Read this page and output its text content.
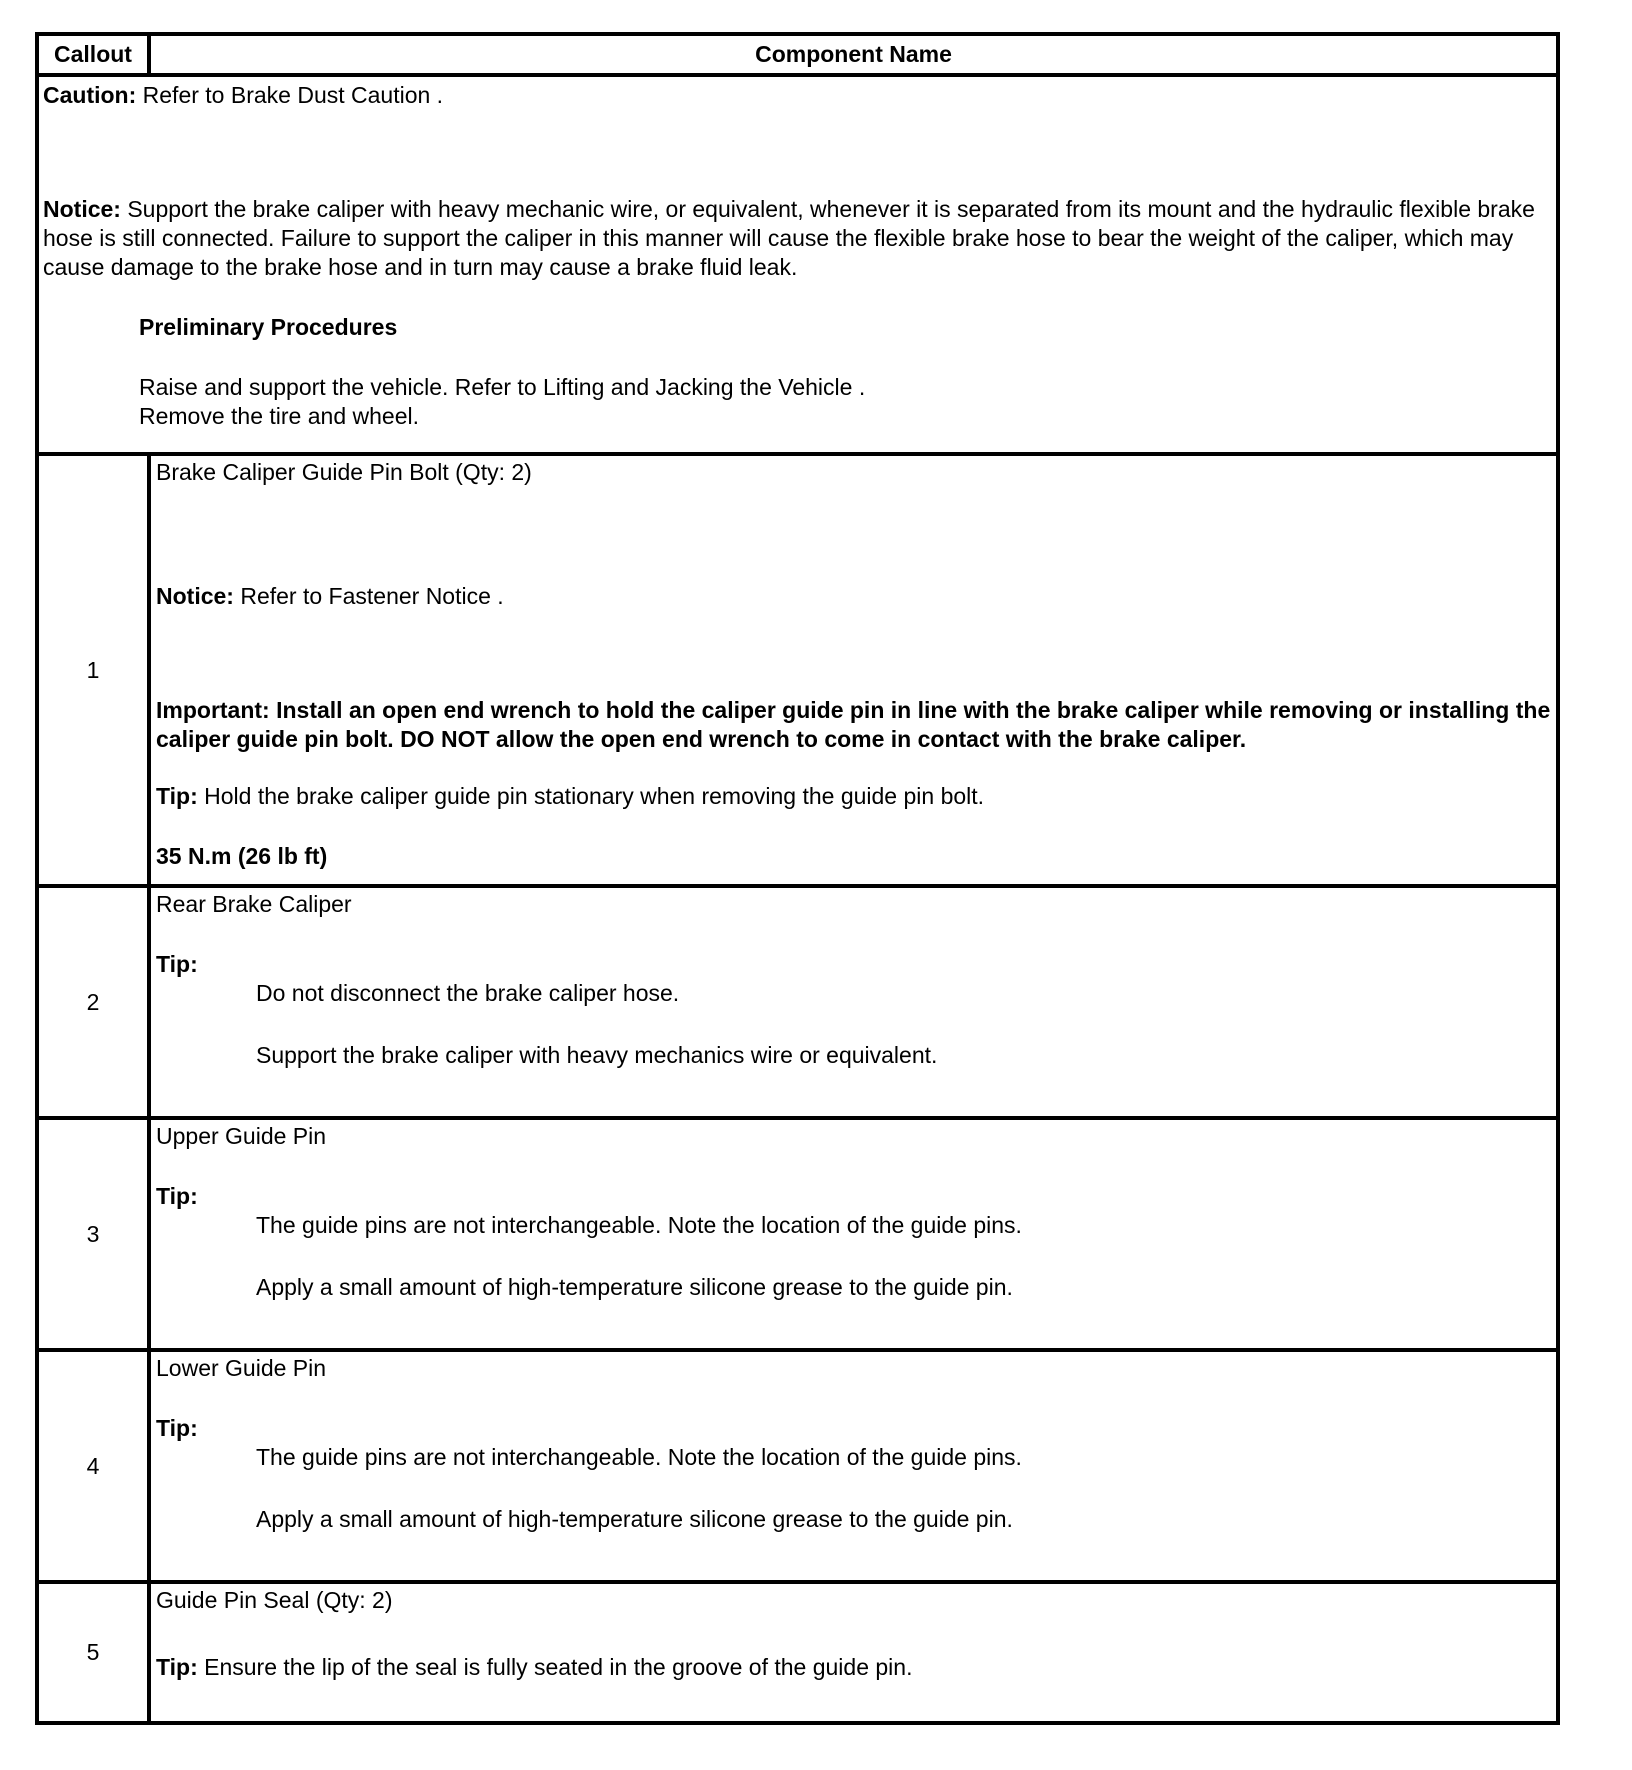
Callout	Component Name

Caution: Refer to Brake Dust Caution .

Notice: Support the brake caliper with heavy mechanic wire, or equivalent, whenever it is separated from its mount and the hydraulic flexible brake hose is still connected. Failure to support the caliper in this manner will cause the flexible brake hose to bear the weight of the caliper, which may cause damage to the brake hose and in turn may cause a brake fluid leak.

Preliminary Procedures

Raise and support the vehicle. Refer to Lifting and Jacking the Vehicle .

Remove the tire and wheel.

1

Brake Caliper Guide Pin Bolt (Qty: 2)

Notice: Refer to Fastener Notice .

Important: Install an open end wrench to hold the caliper guide pin in line with the brake caliper while removing or installing the caliper guide pin bolt. DO NOT allow the open end wrench to come in contact with the brake caliper.

Tip: Hold the brake caliper guide pin stationary when removing the guide pin bolt.

35 N.m (26 lb ft)

2

Rear Brake Caliper

Tip:

Do not disconnect the brake caliper hose.

Support the brake caliper with heavy mechanics wire or equivalent.

3

Upper Guide Pin

Tip:

The guide pins are not interchangeable. Note the location of the guide pins.

Apply a small amount of high-temperature silicone grease to the guide pin.

4

Lower Guide Pin

Tip:

The guide pins are not interchangeable. Note the location of the guide pins.

Apply a small amount of high-temperature silicone grease to the guide pin.

5

Guide Pin Seal (Qty: 2)

Tip: Ensure the lip of the seal is fully seated in the groove of the guide pin.
